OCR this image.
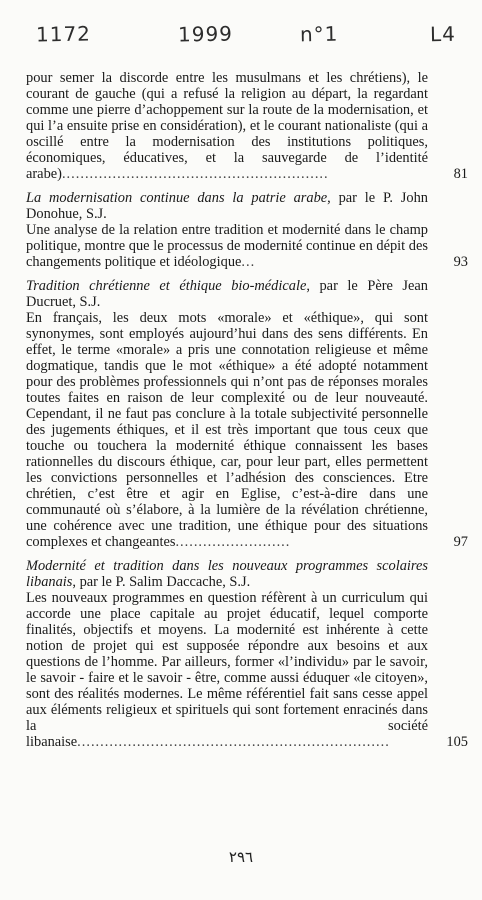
1172	1999	n°1	L4
pour semer la discorde entre les musulmans et les chrétiens), le courant de gauche (qui a refusé la religion au départ, la regardant comme une pierre d’achoppement sur la route de la modernisation, et qui l’a ensuite prise en considération), et le courant nationaliste (qui a oscillé entre la modernisation des institutions politiques, économiques, éducatives, et la sauvegarde de l’identité arabe)..........................................................	81
La modernisation continue dans la patrie arabe, par le P. John Donohue, S.J.
Une analyse de la relation entre tradition et modernité dans le champ politique, montre que le processus de modernité continue en dépit des changements politique et idéologique...	93
Tradition chrétienne et éthique bio-médicale, par le Père Jean Ducruet, S.J.
En français, les deux mots «morale» et «éthique», qui sont synonymes, sont employés aujourd’hui dans des sens différents. En effet, le terme «morale» a pris une connotation religieuse et même dogmatique, tandis que le mot «éthique» a été adopté notamment pour des problèmes professionnels qui n’ont pas de réponses morales toutes faites en raison de leur complexité ou de leur nouveauté. Cependant, il ne faut pas conclure à la totale subjectivité personnelle des jugements éthiques, et il est très important que tous ceux que touche ou touchera la modernité éthique connaissent les bases rationnelles du discours éthique, car, pour leur part, elles permettent les convictions personnelles et l’adhésion des consciences. Etre chrétien, c’est être et agir en Eglise, c’est-à-dire dans une communauté où s’élabore, à la lumière de la révélation chrétienne, une cohérence avec une tradition, une éthique pour des situations complexes et changeantes.........................	97
Modernité et tradition dans les nouveaux programmes scolaires libanais, par le P. Salim Daccache, S.J.
Les nouveaux programmes en question réfèrent à un curriculum qui accorde une place capitale au projet éducatif, lequel comporte finalités, objectifs et moyens. La modernité est inhérente à cette notion de projet qui est supposée répondre aux besoins et aux questions de l’homme. Par ailleurs, former «l’individu» par le savoir, le savoir - faire et le savoir - être, comme aussi éduquer «le citoyen», sont des réalités modernes. Le même référentiel fait sans cesse appel aux éléments religieux et spirituels qui sont fortement enracinés dans la société libanaise....................................................................	105
٢٩٦
